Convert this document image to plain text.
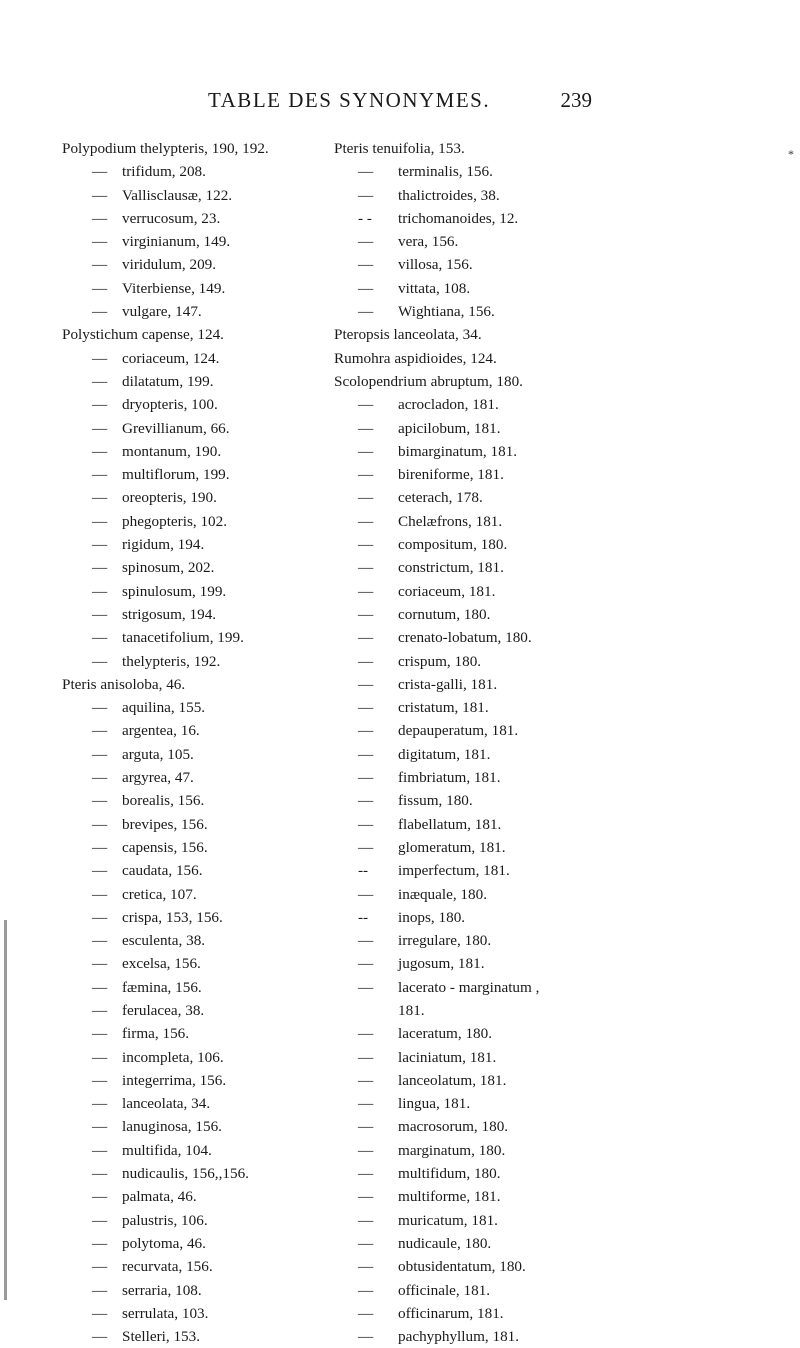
TABLE DES SYNONYMES.	239
Polypodium thelypteris, 190, 192.
— trifidum, 208.
— Vallisclausæ, 122.
— verrucosum, 23.
— virginianum, 149.
— viridulum, 209.
— Viterbiense, 149.
— vulgare, 147.
Polystichum capense, 124.
— coriaceum, 124.
— dilatatum, 199.
— dryopteris, 100.
— Grevillianum, 66.
— montanum, 190.
— multiflorum, 199.
— oreopteris, 190.
— phegopteris, 102.
— rigidum, 194.
— spinosum, 202.
— spinulosum, 199.
— strigosum, 194.
— tanacetifolium, 199.
— thelypteris, 192.
Pteris anisoloba, 46.
— aquilina, 155.
— argentea, 16.
— arguta, 105.
— argyrea, 47.
— borealis, 156.
— brevipes, 156.
— capensis, 156.
— caudata, 156.
— cretica, 107.
— crispa, 153, 156.
— esculenta, 38.
— excelsa, 156.
— fæmina, 156.
— ferulacea, 38.
— firma, 156.
— incompleta, 106.
— integerrima, 156.
— lanceolata, 34.
— lanuginosa, 156.
— multifida, 104.
— nudicaulis, 156,,156.
— palmata, 46.
— palustris, 106.
— polytoma, 46.
— recurvata, 156.
— serraria, 108.
— serrulata, 103.
— Stelleri, 153.
Pteris tenuifolia, 153.
— terminalis, 156.
— thalictroides, 38.
- - trichomanoides, 12.
— vera, 156.
— villosa, 156.
— vittata, 108.
— Wightiana, 156.
Pteropsis lanceolata, 34.
Rumohra aspidioides, 124.
Scolopendrium abruptum, 180.
— acrocladon, 181.
— apicilobum, 181.
— bimarginatum, 181.
— bireniforme, 181.
— ceterach, 178.
— Chelæfrons, 181.
— compositum, 180.
— constrictum, 181.
— coriaceum, 181.
— cornutum, 180.
— crenato-lobatum, 180.
— crispum, 180.
— crista-galli, 181.
— cristatum, 181.
— depauperatum, 181.
— digitatum, 181.
— fimbriatum, 181.
— fissum, 180.
— flabellatum, 181.
— glomeratum, 181.
-- imperfectum, 181.
— inæquale, 180.
-- inops, 180.
— irregulare, 180.
— jugosum, 181.
— lacerato - marginatum ,
181.
— laceratum, 180.
— laciniatum, 181.
— lanceolatum, 181.
— lingua, 181.
— macrosorum, 180.
— marginatum, 180.
— multifidum, 180.
— multiforme, 181.
— muricatum, 181.
— nudicaule, 180.
— obtusidentatum, 180.
— officinale, 181.
— officinarum, 181.
— pachyphyllum, 181.
*
